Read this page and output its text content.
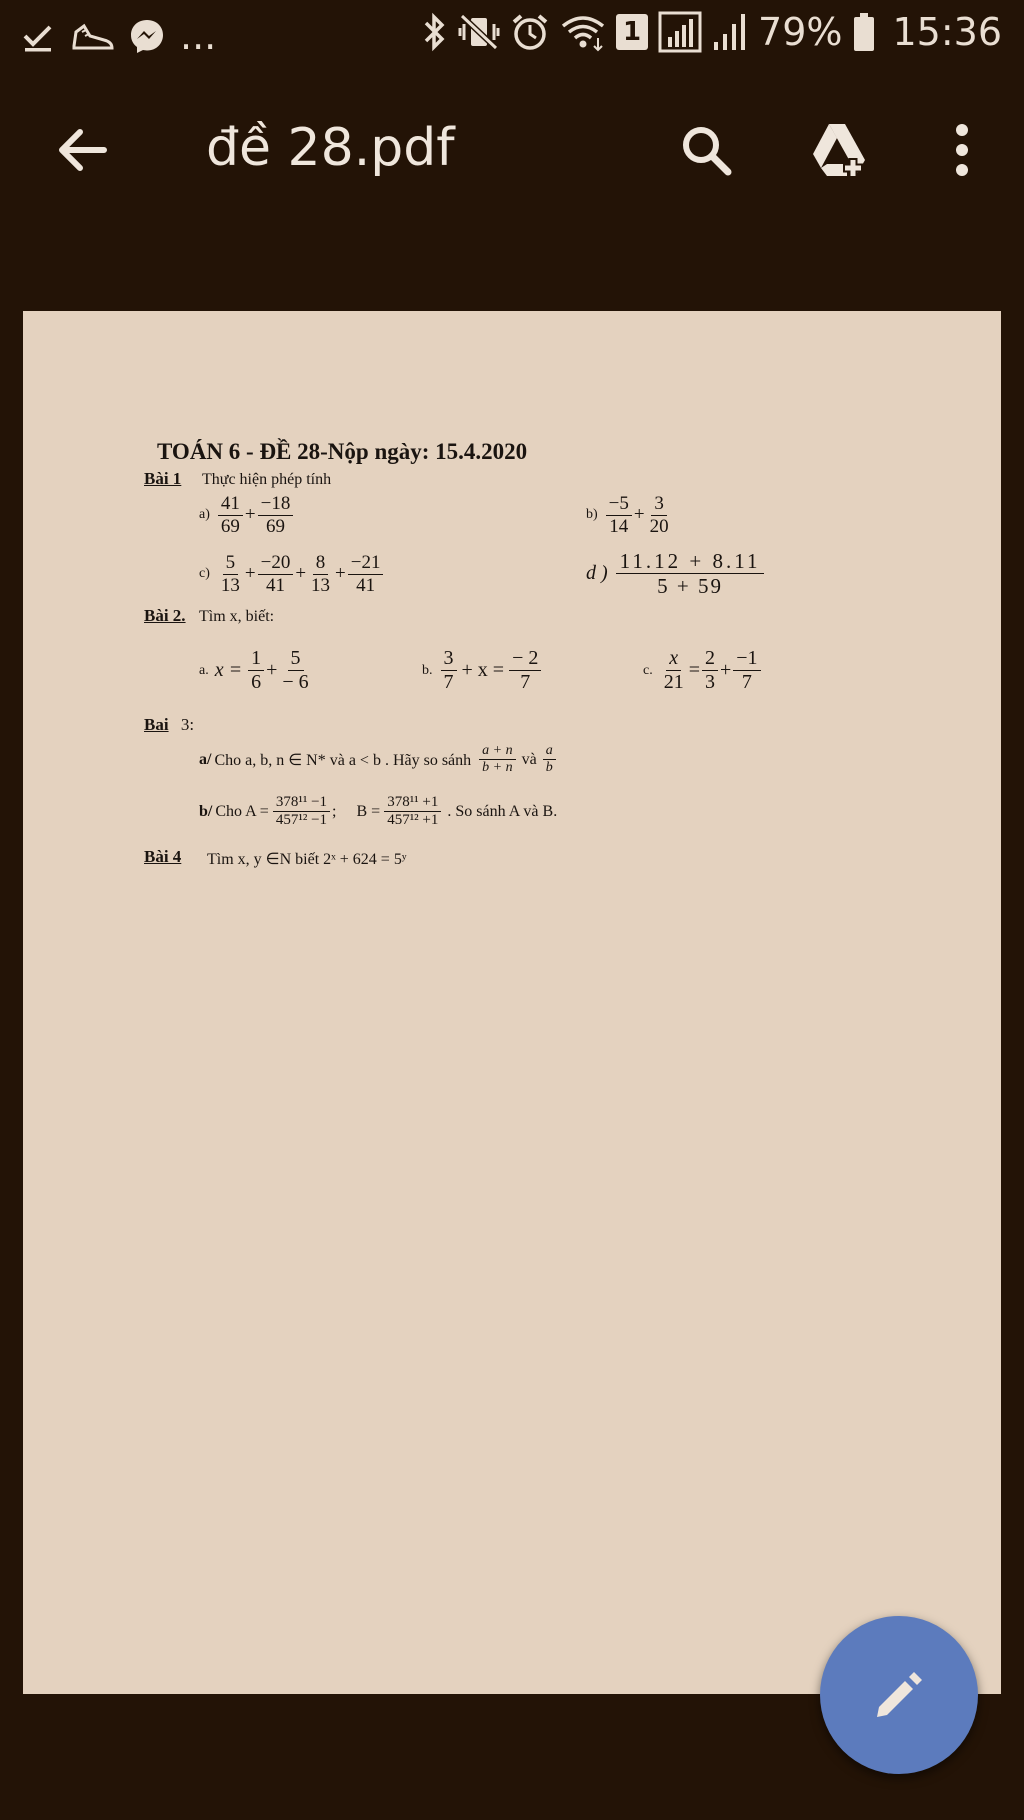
...	1	79% 15:36
đề 28.pdf
TOÁN 6 - ĐỀ 28-Nộp ngày: 15.4.2020
Bài 1 Thực hiện phép tính
$a) \frac{41}{69} + \frac{-18}{69}$	$b) \frac{-5}{14} + \frac{3}{20}$
$c) \frac{5}{13} + \frac{-20}{41} + \frac{8}{13} + \frac{-21}{41}$	d ) $\frac{11.12 + 8.11}{5 + 59}$
Bài 2. Tìm x, biết:
a. $x = \frac{1}{6} + \frac{5}{- 6}$	b. $\frac{3}{7} + x = \frac{- 2}{7}$	c. $\frac{x}{21} = \frac{2}{3} + \frac{-1}{7}$
Bai 3:
a/ Cho a, b, n ∈ N* và a < b . Hãy so sánh $\frac{a + n}{b + n}$ và $\frac{a}{b}$
b/ Cho $A = \frac{\text{378¹¹ −1}}{\text{457¹² −1}}$ ;     $B = \frac{\text{378¹¹ +1}}{\text{457¹² +1}}$ . So sánh A và B.
Bài 4 Tìm x, y ∈N biết 2ˣ + 624 = 5ʸ
